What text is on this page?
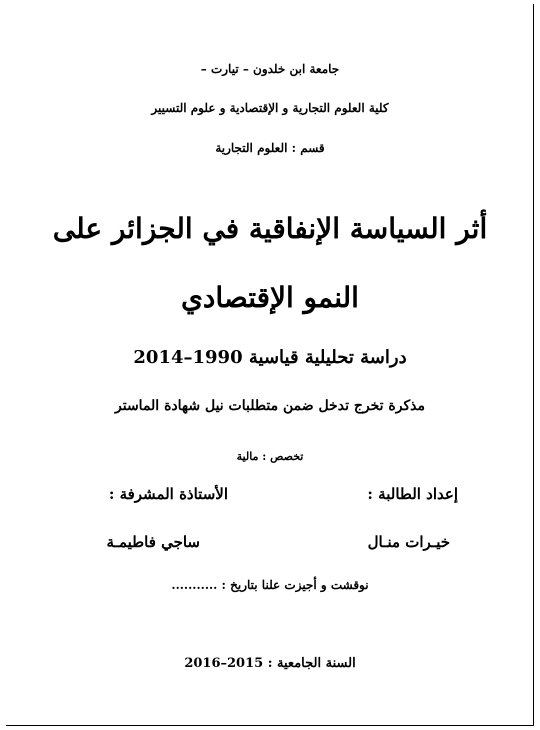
جامعة ابن خلدون – تيارت –
كلية العلوم التجارية و الإقتصادية و علوم التسيير
قسم : العلوم التجارية
أثر السياسة الإنفاقية في الجزائر على
النمو الإقتصادي
دراسة تحليلية قياسية 1990–2014
مذكرة تخرج تدخل ضمن متطلبات نيل شهادة الماستر
تخصص : مالية
إعداد الطالبة :
الأستاذة المشرفة :
خيـرات منـال
ساجي فاطيمـة
نوقشت و أجيزت علنا بتاريخ : ...........
السنة الجامعية : 2015–2016
